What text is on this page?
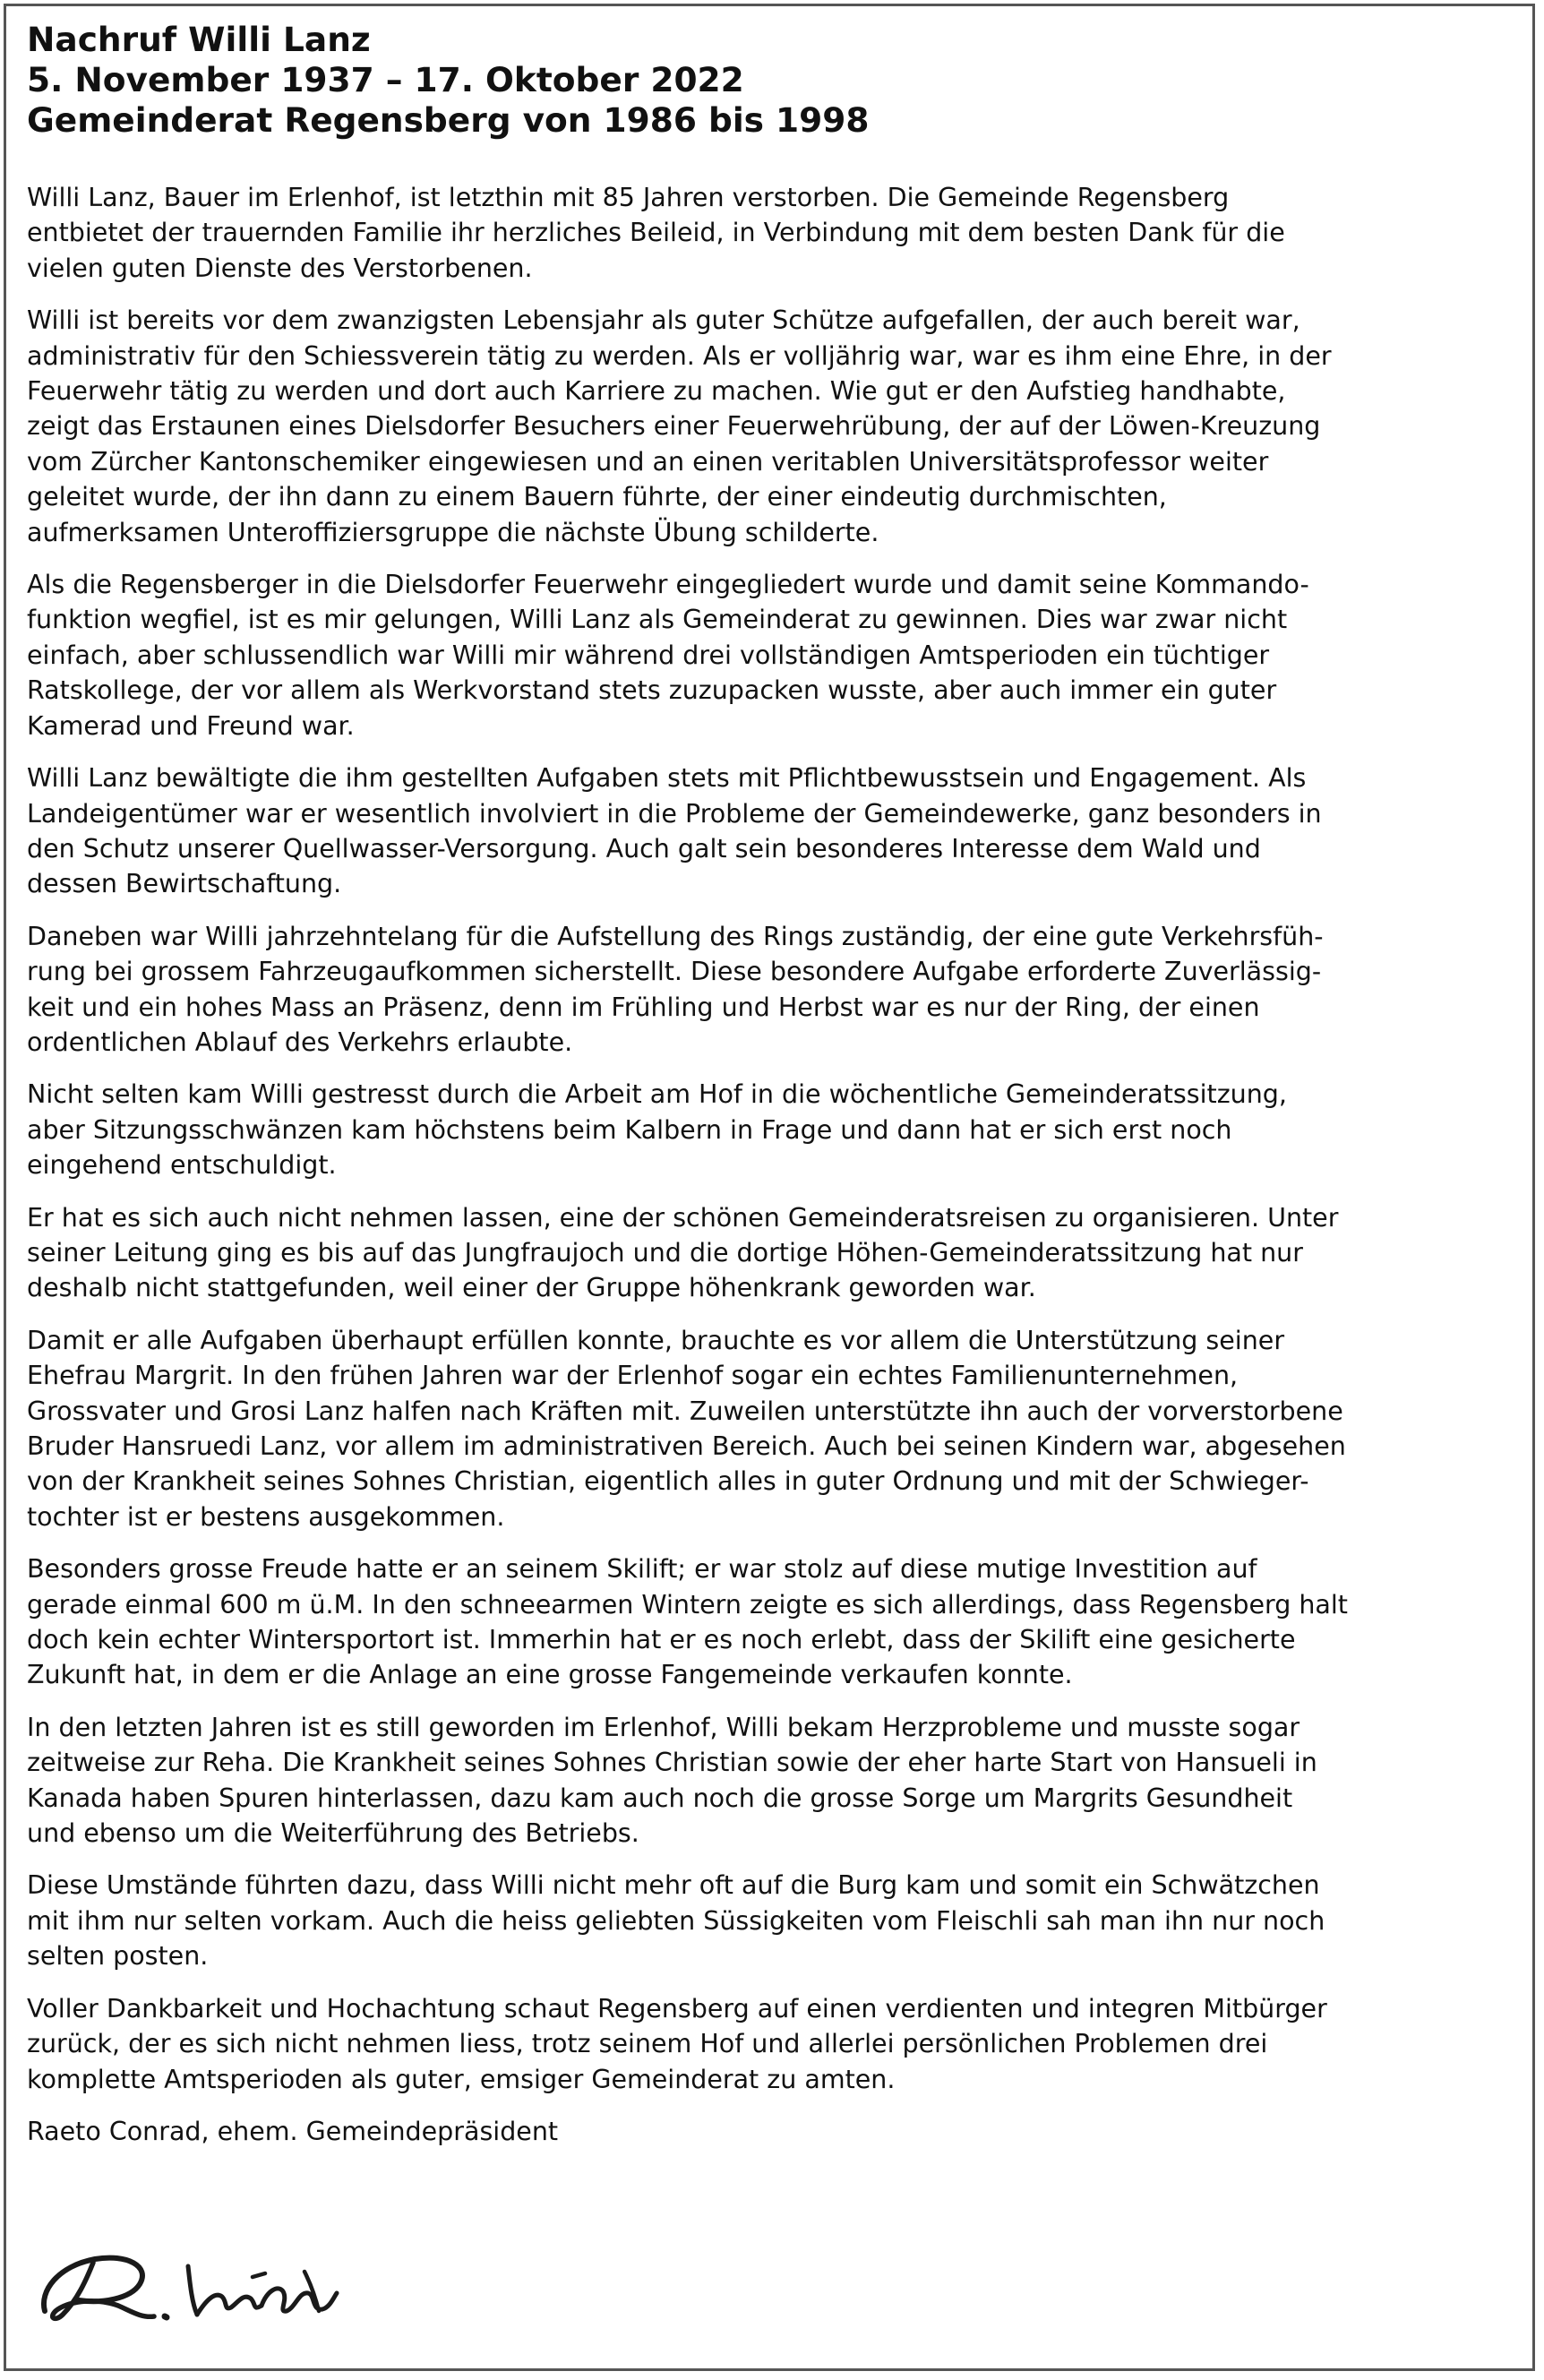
Nachruf Willi Lanz
5. November 1937 – 17. Oktober 2022
Gemeinderat Regensberg von 1986 bis 1998

Willi Lanz, Bauer im Erlenhof, ist letzthin mit 85 Jahren verstorben. Die Gemeinde Regensberg
entbietet der trauernden Familie ihr herzliches Beileid, in Verbindung mit dem besten Dank für die
vielen guten Dienste des Verstorbenen.

Willi ist bereits vor dem zwanzigsten Lebensjahr als guter Schütze aufgefallen, der auch bereit war,
administrativ für den Schiessverein tätig zu werden. Als er volljährig war, war es ihm eine Ehre, in der
Feuerwehr tätig zu werden und dort auch Karriere zu machen. Wie gut er den Aufstieg handhabte,
zeigt das Erstaunen eines Dielsdorfer Besuchers einer Feuerwehrübung, der auf der Löwen-Kreuzung
vom Zürcher Kantonschemiker eingewiesen und an einen veritablen Universitätsprofessor weiter
geleitet wurde, der ihn dann zu einem Bauern führte, der einer eindeutig durchmischten,
aufmerksamen Unteroffiziersgruppe die nächste Übung schilderte.

Als die Regensberger in die Dielsdorfer Feuerwehr eingegliedert wurde und damit seine Kommando-
funktion wegfiel, ist es mir gelungen, Willi Lanz als Gemeinderat zu gewinnen. Dies war zwar nicht
einfach, aber schlussendlich war Willi mir während drei vollständigen Amtsperioden ein tüchtiger
Ratskollege, der vor allem als Werkvorstand stets zuzupacken wusste, aber auch immer ein guter
Kamerad und Freund war.

Willi Lanz bewältigte die ihm gestellten Aufgaben stets mit Pflichtbewusstsein und Engagement. Als
Landeigentümer war er wesentlich involviert in die Probleme der Gemeindewerke, ganz besonders in
den Schutz unserer Quellwasser-Versorgung. Auch galt sein besonderes Interesse dem Wald und
dessen Bewirtschaftung.

Daneben war Willi jahrzehntelang für die Aufstellung des Rings zuständig, der eine gute Verkehrsfüh-
rung bei grossem Fahrzeugaufkommen sicherstellt. Diese besondere Aufgabe erforderte Zuverlässig-
keit und ein hohes Mass an Präsenz, denn im Frühling und Herbst war es nur der Ring, der einen
ordentlichen Ablauf des Verkehrs erlaubte.

Nicht selten kam Willi gestresst durch die Arbeit am Hof in die wöchentliche Gemeinderatssitzung,
aber Sitzungsschwänzen kam höchstens beim Kalbern in Frage und dann hat er sich erst noch
eingehend entschuldigt.

Er hat es sich auch nicht nehmen lassen, eine der schönen Gemeinderatsreisen zu organisieren. Unter
seiner Leitung ging es bis auf das Jungfraujoch und die dortige Höhen-Gemeinderatssitzung hat nur
deshalb nicht stattgefunden, weil einer der Gruppe höhenkrank geworden war.

Damit er alle Aufgaben überhaupt erfüllen konnte, brauchte es vor allem die Unterstützung seiner
Ehefrau Margrit. In den frühen Jahren war der Erlenhof sogar ein echtes Familienunternehmen,
Grossvater und Grosi Lanz halfen nach Kräften mit. Zuweilen unterstützte ihn auch der vorverstorbene
Bruder Hansruedi Lanz, vor allem im administrativen Bereich. Auch bei seinen Kindern war, abgesehen
von der Krankheit seines Sohnes Christian, eigentlich alles in guter Ordnung und mit der Schwieger-
tochter ist er bestens ausgekommen.

Besonders grosse Freude hatte er an seinem Skilift; er war stolz auf diese mutige Investition auf
gerade einmal 600 m ü.M. In den schneearmen Wintern zeigte es sich allerdings, dass Regensberg halt
doch kein echter Wintersportort ist. Immerhin hat er es noch erlebt, dass der Skilift eine gesicherte
Zukunft hat, in dem er die Anlage an eine grosse Fangemeinde verkaufen konnte.

In den letzten Jahren ist es still geworden im Erlenhof, Willi bekam Herzprobleme und musste sogar
zeitweise zur Reha. Die Krankheit seines Sohnes Christian sowie der eher harte Start von Hansueli in
Kanada haben Spuren hinterlassen, dazu kam auch noch die grosse Sorge um Margrits Gesundheit
und ebenso um die Weiterführung des Betriebs.

Diese Umstände führten dazu, dass Willi nicht mehr oft auf die Burg kam und somit ein Schwätzchen
mit ihm nur selten vorkam. Auch die heiss geliebten Süssigkeiten vom Fleischli sah man ihn nur noch
selten posten.

Voller Dankbarkeit und Hochachtung schaut Regensberg auf einen verdienten und integren Mitbürger
zurück, der es sich nicht nehmen liess, trotz seinem Hof und allerlei persönlichen Problemen drei
komplette Amtsperioden als guter, emsiger Gemeinderat zu amten.

Raeto Conrad, ehem. Gemeindepräsident
